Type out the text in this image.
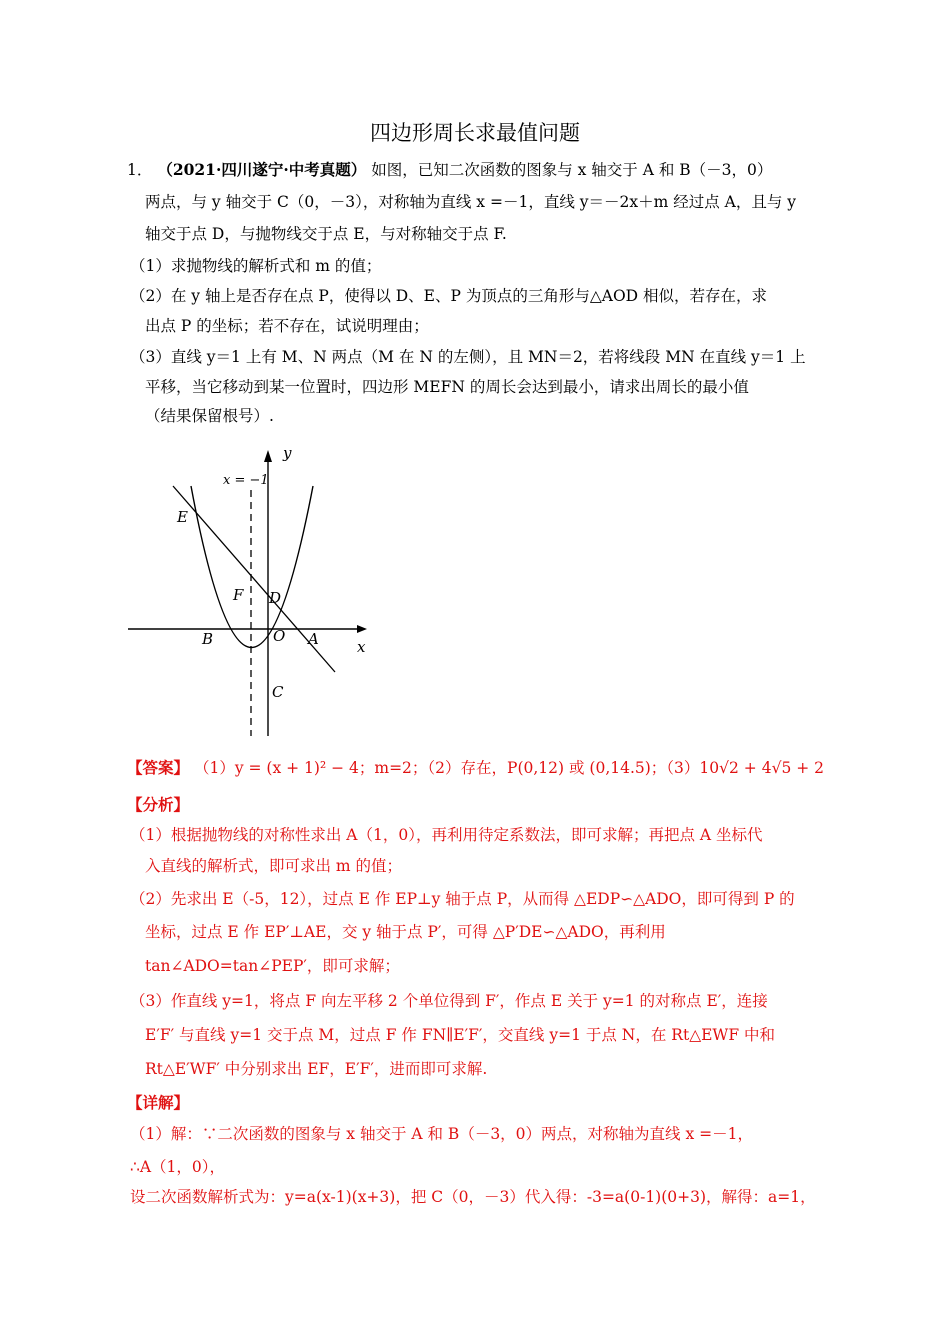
四边形周长求最值问题
1． （2021·四川遂宁·中考真题） 如图，已知二次函数的图象与 x 轴交于 A 和 B（－3，0）
两点，与 y 轴交于 C（0，－3），对称轴为直线 x =－1，直线 y＝－2x＋m 经过点 A，且与 y
轴交于点 D，与抛物线交于点 E，与对称轴交于点 F.
（1）求抛物线的解析式和 m 的值；
（2）在 y 轴上是否存在点 P，使得以 D、E、P 为顶点的三角形与△AOD 相似，若存在，求
出点 P 的坐标；若不存在，试说明理由；
（3）直线 y＝1 上有 M、N 两点（M 在 N 的左侧），且 MN＝2，若将线段 MN 在直线 y＝1 上
平移，当它移动到某一位置时，四边形 MEFN 的周长会达到最小，请求出周长的最小值
（结果保留根号）.
y
x
x = −1
E
F D
B	O A
C
【答案】 （1）y = (x + 1)² − 4；m=2；（2）存在，P(0,12) 或 (0,14.5)；（3）10√2 + 4√5 + 2
【分析】
（1）根据抛物线的对称性求出 A（1，0），再利用待定系数法，即可求解；再把点 A 坐标代
入直线的解析式，即可求出 m 的值；
（2）先求出 E（-5，12），过点 E 作 EP⊥y 轴于点 P，从而得 △EDP∽△ADO，即可得到 P 的
坐标，过点 E 作 EP′⊥AE，交 y 轴于点 P′，可得 △P′DE∽△ADO，再利用
tan∠ADO=tan∠PEP′，即可求解；
（3）作直线 y=1，将点 F 向左平移 2 个单位得到 F′，作点 E 关于 y=1 的对称点 E′，连接
E′F′ 与直线 y=1 交于点 M，过点 F 作 FN∥E′F′，交直线 y=1 于点 N，在 Rt△EWF 中和
Rt△E′WF′ 中分别求出 EF，E′F′，进而即可求解.
【详解】
（1）解：∵二次函数的图象与 x 轴交于 A 和 B（－3，0）两点，对称轴为直线 x =－1，
∴A（1，0），
设二次函数解析式为：y=a(x-1)(x+3)，把 C（0，－3）代入得：-3=a(0-1)(0+3)，解得：a=1，
